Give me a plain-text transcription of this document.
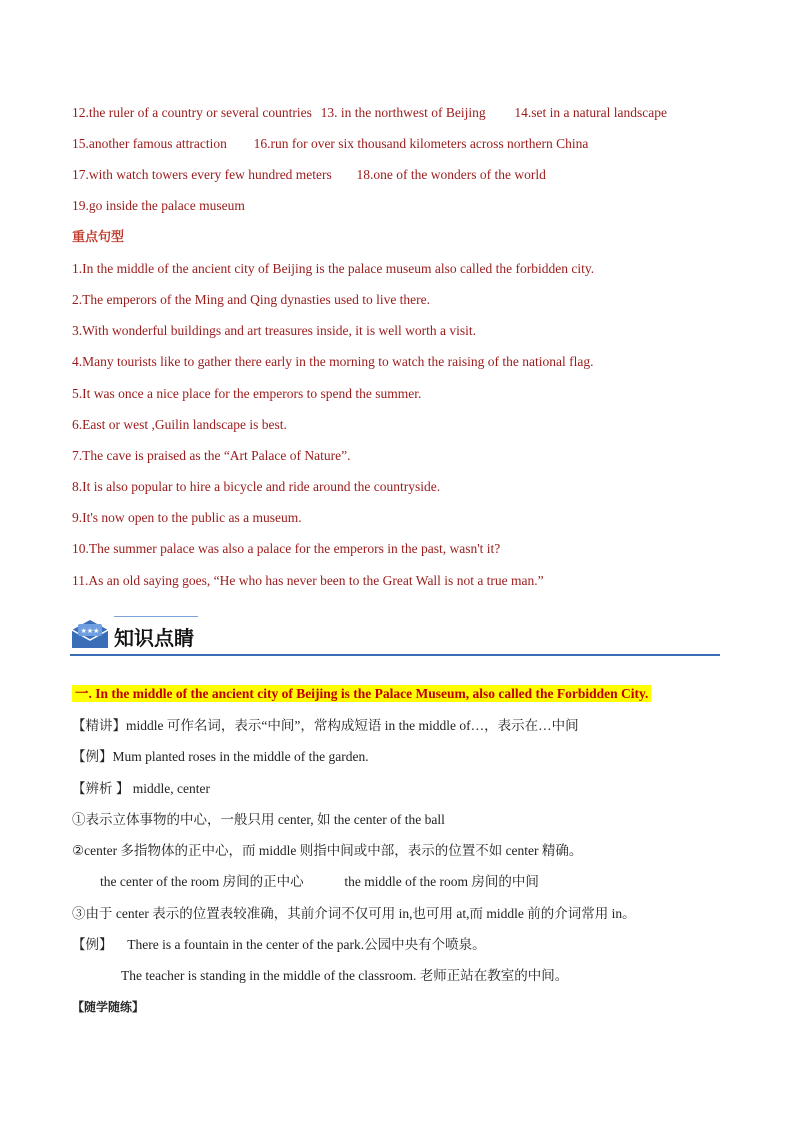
12.the ruler of a country or several countries 13. in the northwest of Beijing 14.set in a natural landscape
15.another famous attraction 16.run for over six thousand kilometers across northern China
17.with watch towers every few hundred meters 18.one of the wonders of the world
19.go inside the palace museum
重点句型
1.In the middle of the ancient city of Beijing is the palace museum also called the forbidden city.
2.The emperors of the Ming and Qing dynasties used to live there.
3.With wonderful buildings and art treasures inside, it is well worth a visit.
4.Many tourists like to gather there early in the morning to watch the raising of the national flag.
5.It was once a nice place for the emperors to spend the summer.
6.East or west ,Guilin landscape is best.
7.The cave is praised as the “Art Palace of Nature”.
8.It is also popular to hire a bicycle and ride around the countryside.
9.It's now open to the public as a museum.
10.The summer palace was also a palace for the emperors in the past, wasn't it?
11.As an old saying goes, “He who has never been to the Great Wall is not a true man.”
★★★ 知识点睛
一. In the middle of the ancient city of Beijing is the Palace Museum, also called the Forbidden City.
【精讲】middle 可作名词，表示“中间”，常构成短语 in the middle of…，表示在…中间
【例】Mum planted roses in the middle of the garden.
【辨析 】 middle, center
①表示立体事物的中心，一般只用 center, 如 the center of the ball
②center 多指物体的正中心，而 middle 则指中间或中部，表示的位置不如 center 精确。
the center of the room 房间的正中心	the middle of the room 房间的中间
③由于 center 表示的位置表较准确，其前介词不仅可用 in,也可用 at,而 middle 前的介词常用 in。
【例】 There is a fountain in the center of the park.公园中央有个喷泉。
The teacher is standing in the middle of the classroom. 老师正站在教室的中间。
【随学随练】
